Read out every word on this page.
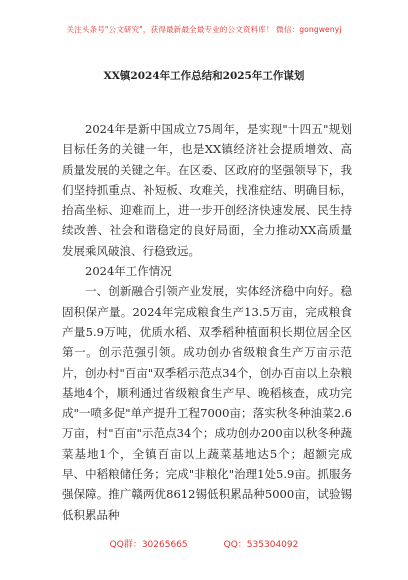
关注头条号"公文研究"，获得最新最全最专业的公文资料库！ 微信：gongwenyj
XX镇2024年工作总结和2025年工作谋划

2024年是新中国成立75周年，是实现"十四五"规划目标任务的关键一年，也是XX镇经济社会提质增效、高质量发展的关键之年。在区委、区政府的坚强领导下，我们坚持抓重点、补短板、攻难关，找准症结、明确目标，抬高坐标、迎难而上，进一步开创经济快速发展、民生持续改善、社会和谐稳定的良好局面，全力推动XX高质量发展乘风破浪、行稳致远。

2024年工作情况

一、创新融合引领产业发展，实体经济稳中向好。稳固积保产量。2024年完成粮食生产13.5万亩，完成粮食产量5.9万吨，优质水稻、双季稻种植面积长期位居全区第一。创示范强引领。成功创办省级粮食生产万亩示范片，创办村"百亩"双季稻示范点34个，创办百亩以上杂粮基地4个，顺利通过省级粮食生产早、晚稻核查，成功完成"一喷多促"单产提升工程7000亩；落实秋冬种油菜2.6万亩，村"百亩"示范点34个；成功创办200亩以秋冬种蔬菜基地1个，全镇百亩以上蔬菜基地达5个；超额完成早、中稻粮储任务；完成"非粮化"治理1处5.9亩。抓服务强保障。推广赣两优8612锡低积累品种5000亩，试验锡低积累品种

QQ群：30265665	QQ：535304092
